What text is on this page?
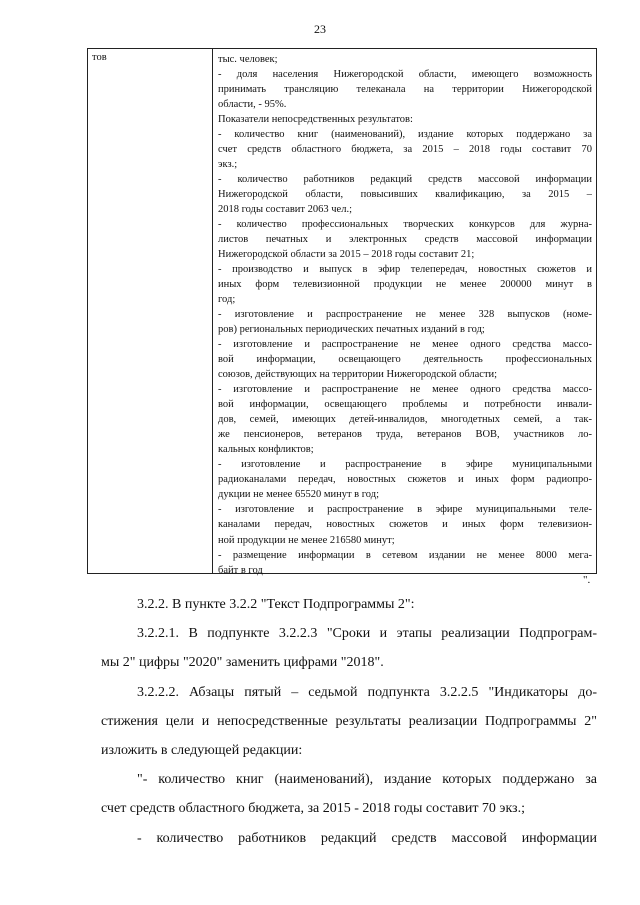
23
тов	тыс. человек;
- доля населения Нижегородской области, имеющего возможность
принимать трансляцию телеканала на территории Нижегородской
области, - 95%.
Показатели непосредственных результатов:
- количество книг (наименований), издание которых поддержано за
счет средств областного бюджета, за 2015 – 2018 годы составит 70
экз.;
- количество работников редакций средств массовой информации
Нижегородской области, повысивших квалификацию, за 2015 –
2018 годы составит 2063 чел.;
- количество профессиональных творческих конкурсов для журна-
листов печатных и электронных средств массовой информации
Нижегородской области за 2015 – 2018 годы составит 21;
- производство и выпуск в эфир телепередач, новостных сюжетов и
иных форм телевизионной продукции не менее 200000 минут в
год;
- изготовление и распространение не менее 328 выпусков (номе-
ров) региональных периодических печатных изданий в год;
- изготовление и распространение не менее одного средства массо-
вой информации, освещающего деятельность профессиональных
союзов, действующих на территории Нижегородской области;
- изготовление и распространение не менее одного средства массо-
вой информации, освещающего проблемы и потребности инвали-
дов, семей, имеющих детей-инвалидов, многодетных семей, а так-
же пенсионеров, ветеранов труда, ветеранов ВОВ, участников ло-
кальных конфликтов;
- изготовление и распространение в эфире муниципальными
радиоканалами передач, новостных сюжетов и иных форм радиопро-
дукции не менее 65520 минут в год;
- изготовление и распространение в эфире муниципальными теле-
каналами передач, новостных сюжетов и иных форм телевизион-
ной продукции не менее 216580 минут;
- размещение информации в сетевом издании не менее 8000 мега-
байт в год
".
3.2.2. В пункте 3.2.2 "Текст Подпрограммы 2":
3.2.2.1. В подпункте 3.2.2.3 "Сроки и этапы реализации Подпрограм-
мы 2" цифры "2020" заменить цифрами "2018".
3.2.2.2. Абзацы пятый – седьмой подпункта 3.2.2.5 "Индикаторы до-
стижения цели и непосредственные результаты реализации Подпрограммы 2"
изложить в следующей редакции:
"- количество книг (наименований), издание которых поддержано за
счет средств областного бюджета, за 2015 - 2018 годы составит 70 экз.;
- количество работников редакций средств массовой информации
